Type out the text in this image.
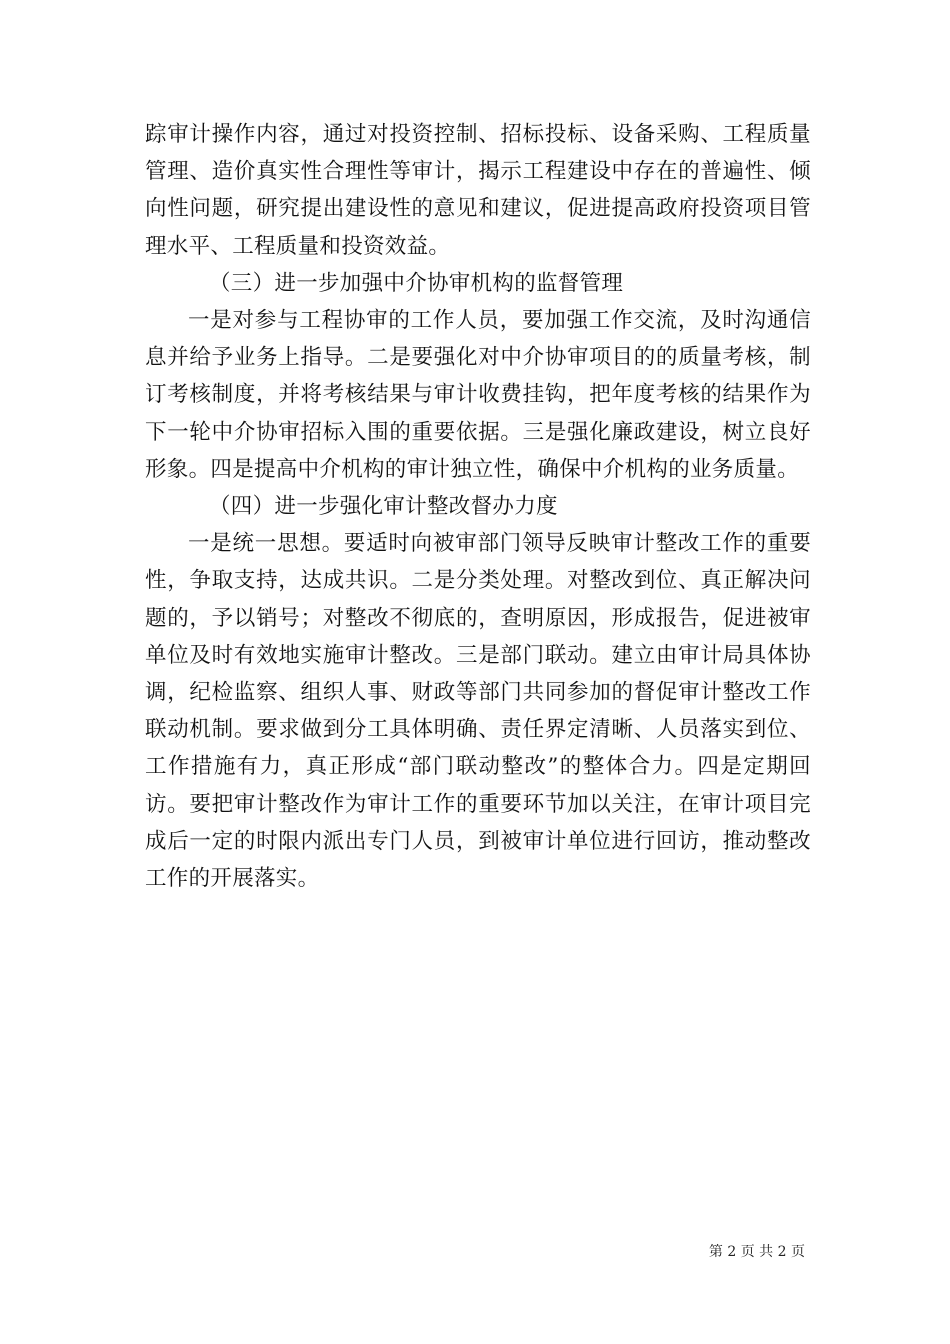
踪审计操作内容，通过对投资控制、招标投标、设备采购、工程质量管理、造价真实性合理性等审计，揭示工程建设中存在的普遍性、倾向性问题，研究提出建设性的意见和建议，促进提高政府投资项目管理水平、工程质量和投资效益。

（三）进一步加强中介协审机构的监督管理

一是对参与工程协审的工作人员，要加强工作交流，及时沟通信息并给予业务上指导。二是要强化对中介协审项目的的质量考核，制订考核制度，并将考核结果与审计收费挂钩，把年度考核的结果作为下一轮中介协审招标入围的重要依据。三是强化廉政建设，树立良好形象。四是提高中介机构的审计独立性，确保中介机构的业务质量。

（四）进一步强化审计整改督办力度

一是统一思想。要适时向被审部门领导反映审计整改工作的重要性，争取支持，达成共识。二是分类处理。对整改到位、真正解决问题的，予以销号；对整改不彻底的，查明原因，形成报告，促进被审单位及时有效地实施审计整改。三是部门联动。建立由审计局具体协调，纪检监察、组织人事、财政等部门共同参加的督促审计整改工作联动机制。要求做到分工具体明确、责任界定清晰、人员落实到位、工作措施有力，真正形成“部门联动整改”的整体合力。四是定期回访。要把审计整改作为审计工作的重要环节加以关注，在审计项目完成后一定的时限内派出专门人员，到被审计单位进行回访，推动整改工作的开展落实。

第 2 页 共 2 页
